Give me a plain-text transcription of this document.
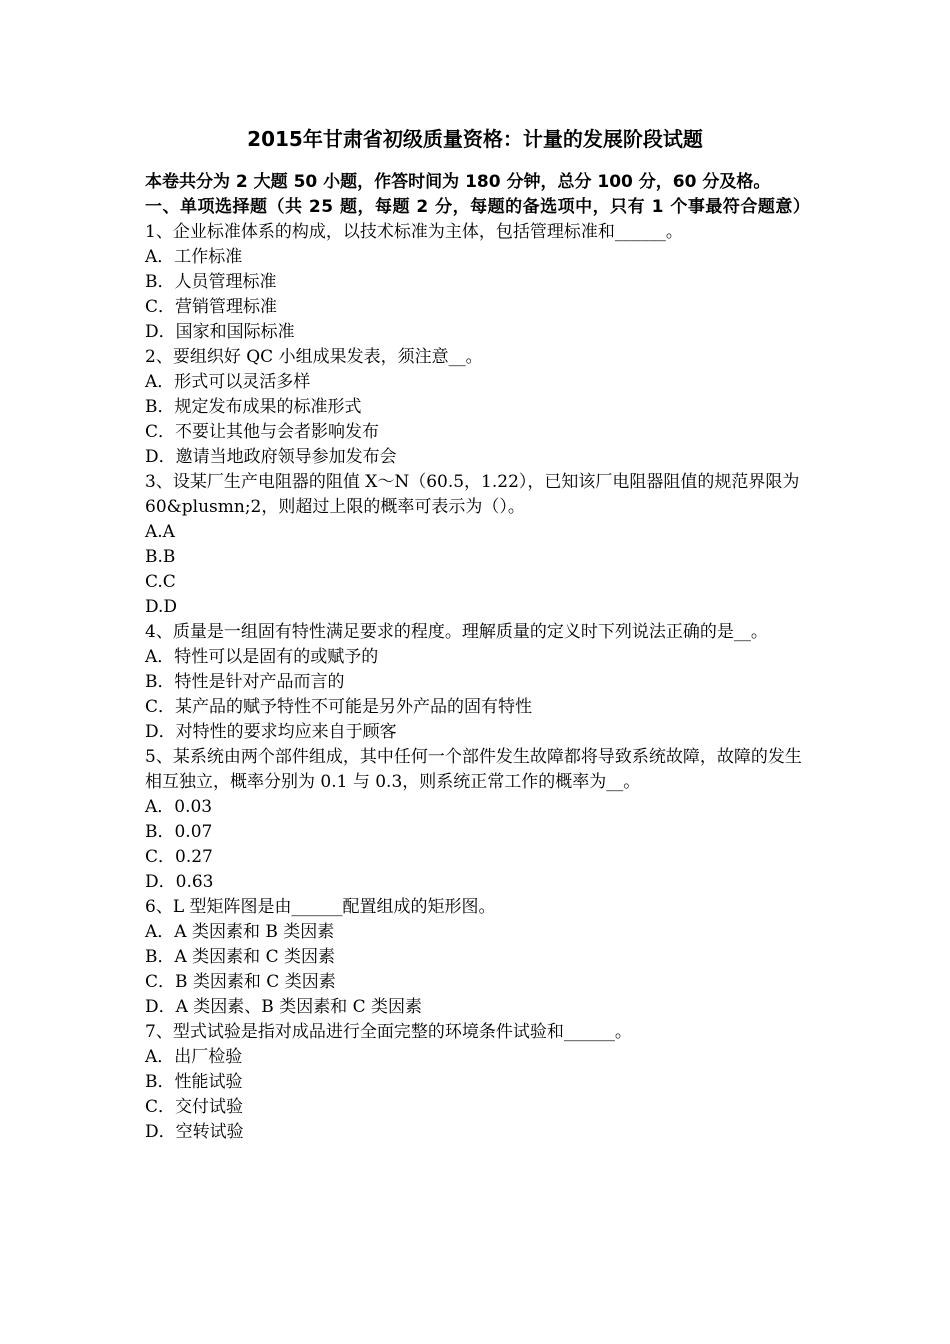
2015年甘肃省初级质量资格：计量的发展阶段试题
本卷共分为 2 大题 50 小题，作答时间为 180 分钟，总分 100 分，60 分及格。
一、单项选择题（共 25 题，每题 2 分，每题的备选项中，只有 1 个事最符合题意）
1、企业标准体系的构成，以技术标准为主体，包括管理标准和______。
A．工作标准
B．人员管理标准
C．营销管理标准
D．国家和国际标准
2、要组织好 QC 小组成果发表，须注意__。
A．形式可以灵活多样
B．规定发布成果的标准形式
C．不要让其他与会者影响发布
D．邀请当地政府领导参加发布会
3、设某厂生产电阻器的阻值 X～N（60.5，1.22），已知该厂电阻器阻值的规范界限为 60&plusmn;2，则超过上限的概率可表示为（）。
A.A
B.B
C.C
D.D
4、质量是一组固有特性满足要求的程度。理解质量的定义时下列说法正确的是__。
A．特性可以是固有的或赋予的
B．特性是针对产品而言的
C．某产品的赋予特性不可能是另外产品的固有特性
D．对特性的要求均应来自于顾客
5、某系统由两个部件组成，其中任何一个部件发生故障都将导致系统故障，故障的发生相互独立，概率分别为 0.1 与 0.3，则系统正常工作的概率为__。
A．0.03
B．0.07
C．0.27
D．0.63
6、L 型矩阵图是由______配置组成的矩形图。
A．A 类因素和 B 类因素
B．A 类因素和 C 类因素
C．B 类因素和 C 类因素
D．A 类因素、B 类因素和 C 类因素
7、型式试验是指对成品进行全面完整的环境条件试验和______。
A．出厂检验
B．性能试验
C．交付试验
D．空转试验
